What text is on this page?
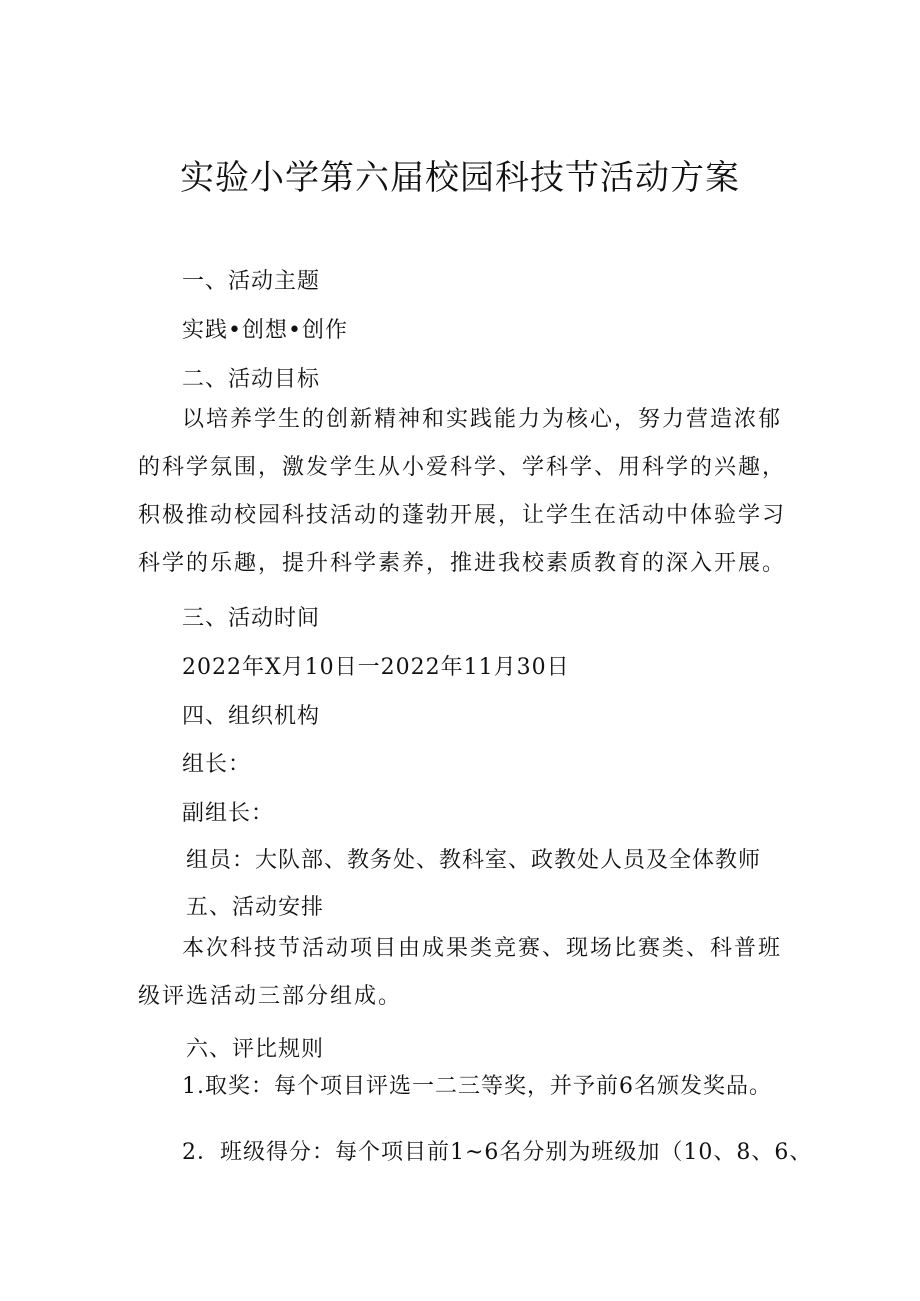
实验小学第六届校园科技节活动方案
一、活动主题
实践•创想•创作
二、活动目标

以培养学生的创新精神和实践能力为核心，努力营造浓郁的科学氛围，激发学生从小爱科学、学科学、用科学的兴趣，积极推动校园科技活动的蓬勃开展，让学生在活动中体验学习科学的乐趣，提升科学素养，推进我校素质教育的深入开展。

三、活动时间
2022年X月10日一2022年11月30日
四、组织机构
组长：
副组长：
组员：大队部、教务处、教科室、政教处人员及全体教师
五、活动安排

本次科技节活动项目由成果类竞赛、现场比赛类、科普班级评选活动三部分组成。

六、评比规则
1.取奖：每个项目评选一二三等奖，并予前6名颁发奖品。
2．班级得分：每个项目前1~6名分别为班级加（10、8、6、
